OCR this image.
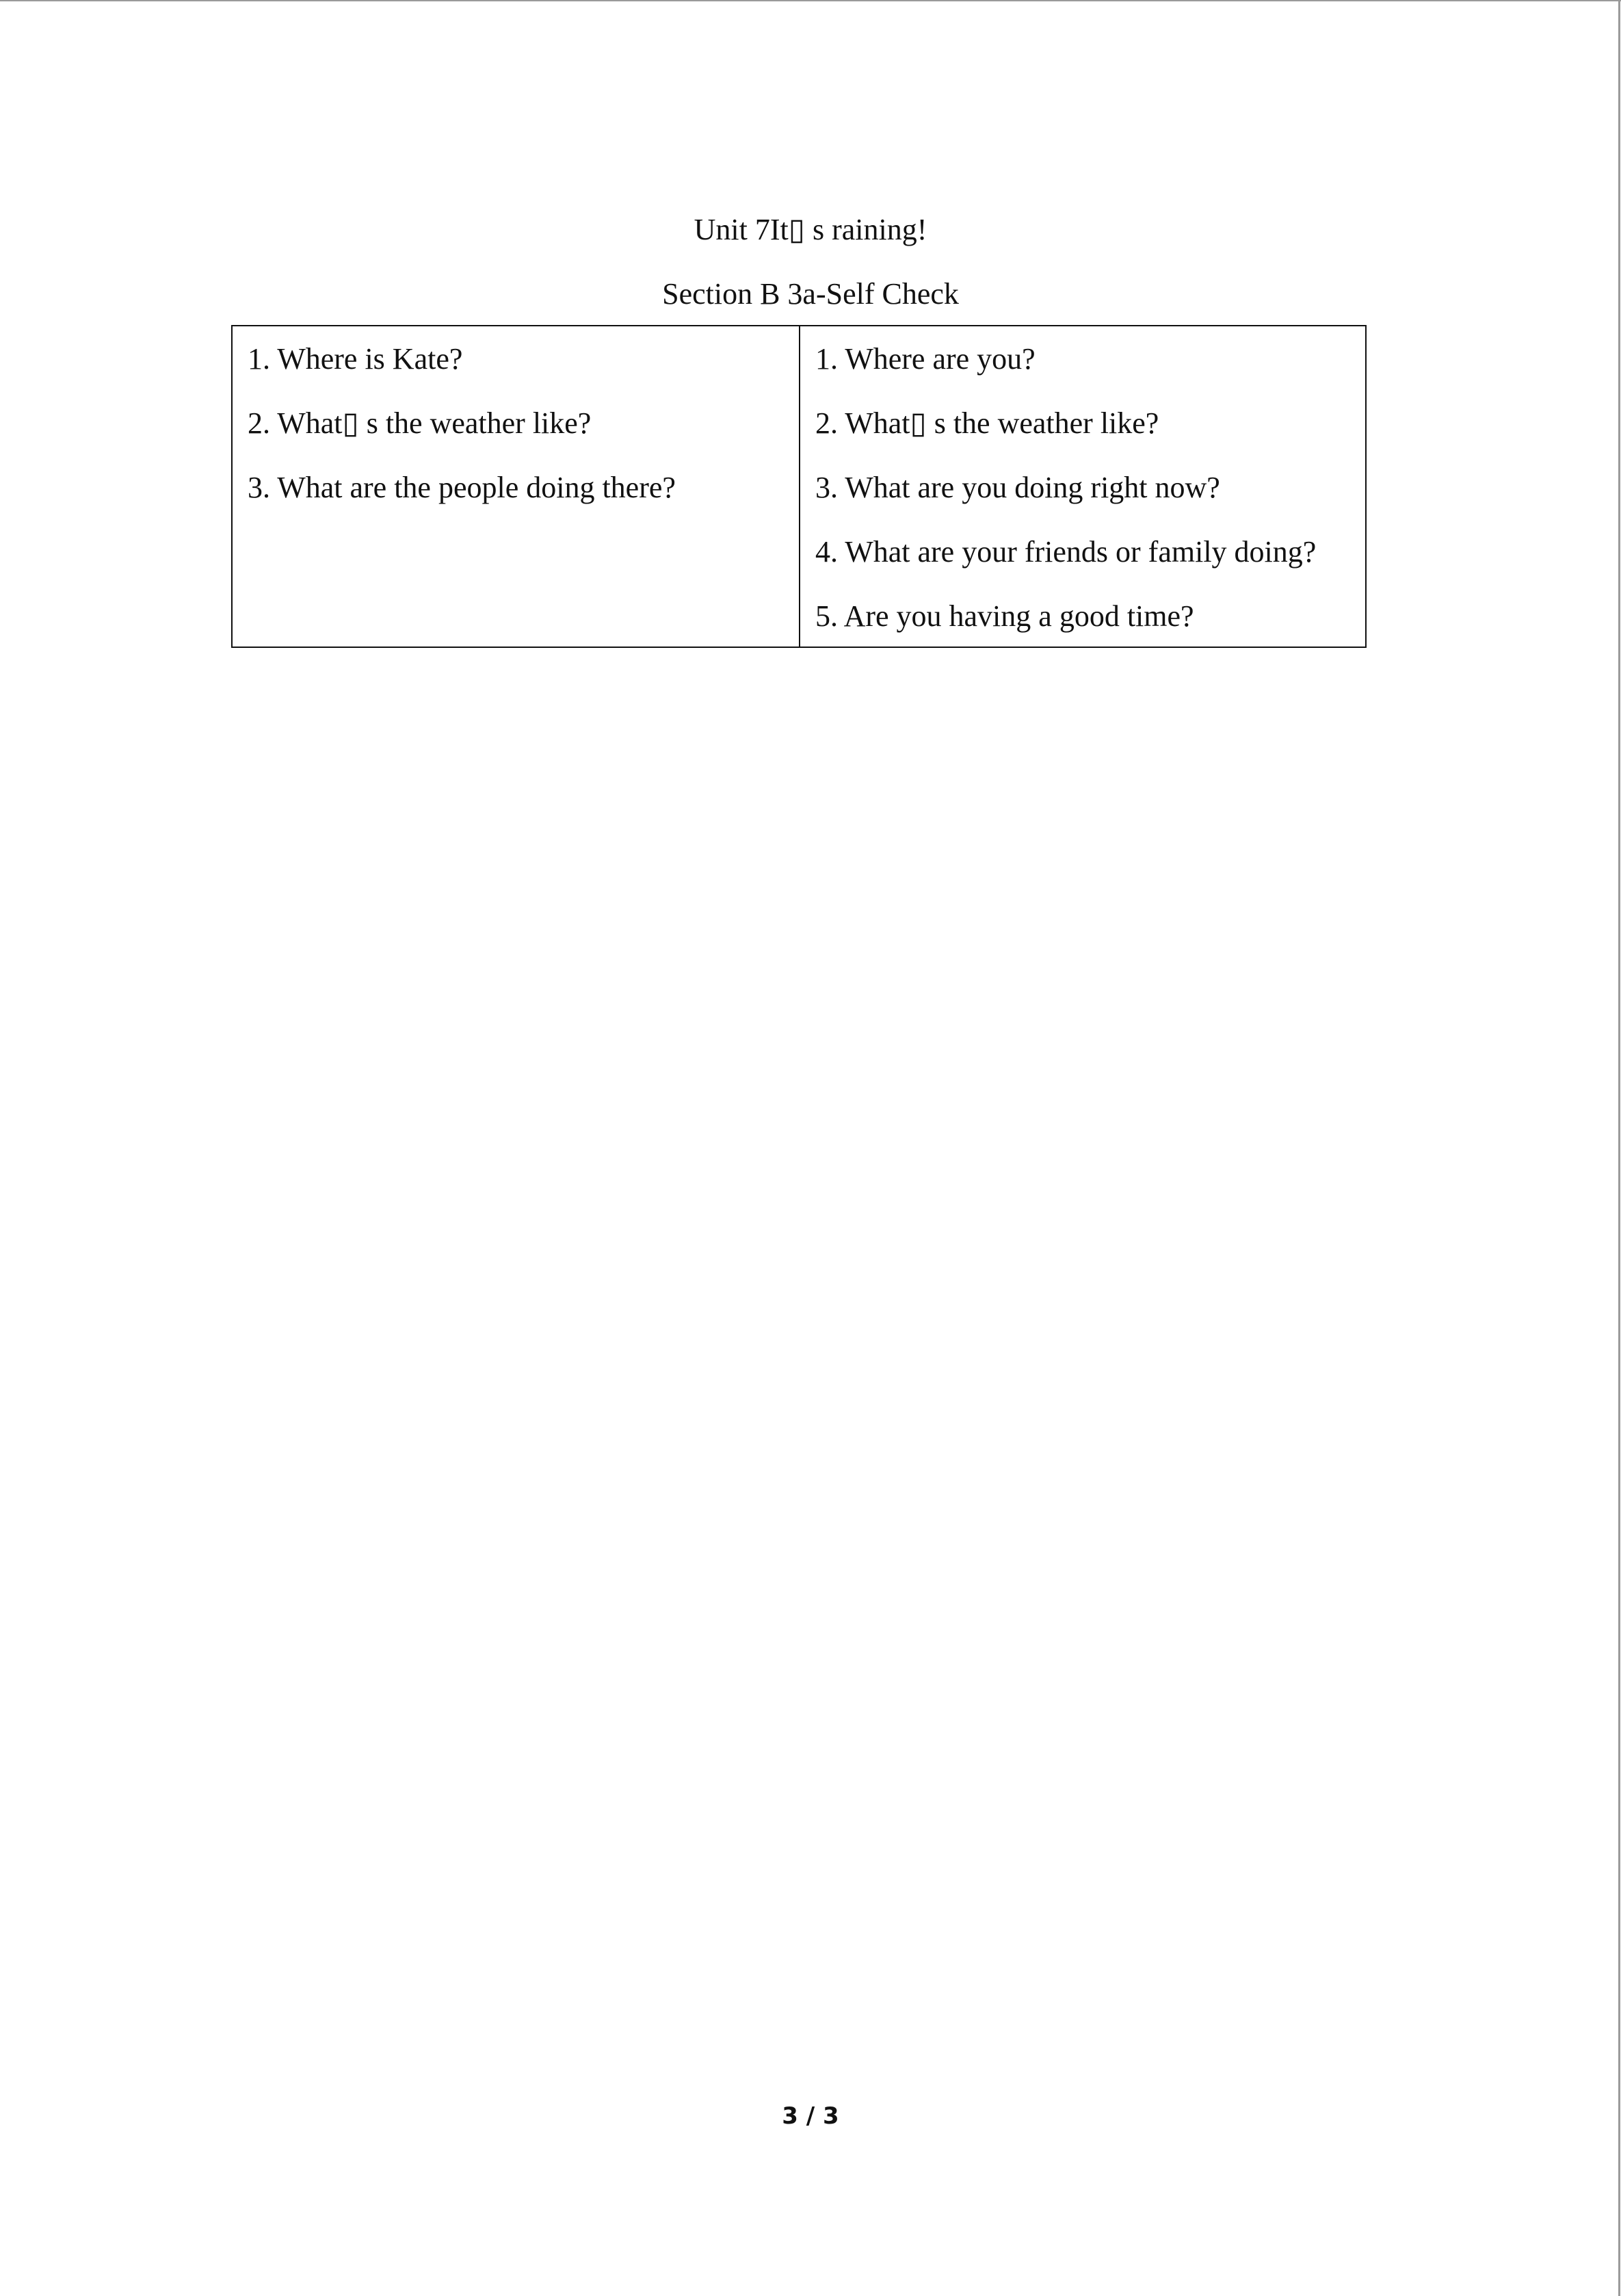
Unit 7It▯ s raining!
Section B 3a-Self Check
1. Where is Kate?
2. What▯ s the weather like?
3. What are the people doing there?
1. Where are you?
2. What▯ s the weather like?
3. What are you doing right now?
4. What are your friends or family doing?
5. Are you having a good time?
3 / 3
